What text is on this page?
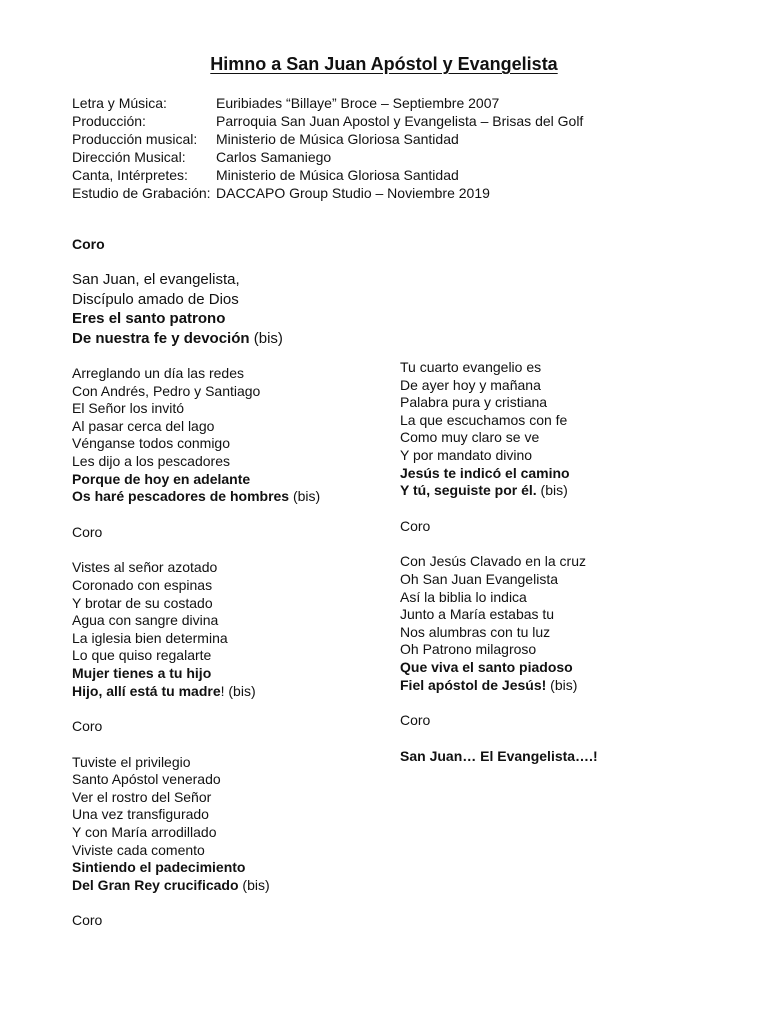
Himno a San Juan Apóstol y Evangelista
Letra y Música:	Euribiades “Billaye” Broce – Septiembre 2007
Producción:	Parroquia San Juan Apostol y Evangelista – Brisas del Golf
Producción musical:	Ministerio de Música Gloriosa Santidad
Dirección Musical:	Carlos Samaniego
Canta, Intérpretes:	Ministerio de Música Gloriosa Santidad
Estudio de Grabación: DACCAPO Group Studio – Noviembre 2019
Coro
San Juan, el evangelista,
Discípulo amado de Dios
Eres el santo patrono
De nuestra fe y devoción (bis)
Arreglando un día las redes
Con Andrés, Pedro y Santiago
El Señor los invitó
Al pasar cerca del lago
Vénganse todos conmigo
Les dijo a los pescadores
Porque de hoy en adelante
Os haré pescadores de hombres (bis)
Coro
Vistes al señor azotado
Coronado con espinas
Y brotar de su costado
Agua con sangre divina
La iglesia bien determina
Lo que quiso regalarte
Mujer tienes a tu hijo
Hijo, allí está tu madre! (bis)
Coro
Tuviste el privilegio
Santo Apóstol venerado
Ver el rostro del Señor
Una vez transfigurado
Y con María arrodillado
Viviste cada comento
Sintiendo el padecimiento
Del Gran Rey crucificado (bis)
Coro
Tu cuarto evangelio es
De ayer hoy y mañana
Palabra pura y cristiana
La que escuchamos con fe
Como muy claro se ve
Y por mandato divino
Jesús te indicó el camino
Y tú, seguiste por él. (bis)
Coro
Con Jesús Clavado en la cruz
Oh San Juan Evangelista
Así la biblia lo indica
Junto a María estabas tu
Nos alumbras con tu luz
Oh Patrono milagroso
Que viva el santo piadoso
Fiel apóstol de Jesús! (bis)
Coro
San Juan… El Evangelista….!
